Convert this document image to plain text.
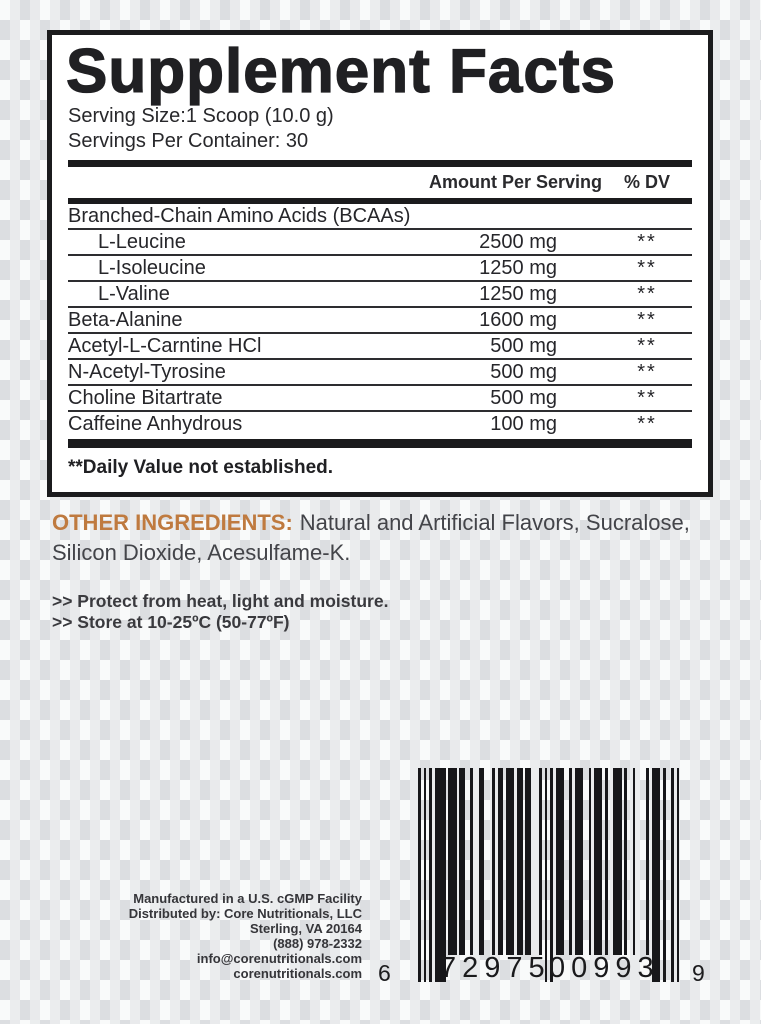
Supplement Facts
Serving Size:1 Scoop (10.0 g)
Servings Per Container: 30
Amount Per Serving	% DV
Branched-Chain Amino Acids (BCAAs)
L-Leucine	2500 mg	**
L-Isoleucine	1250 mg	**
L-Valine	1250 mg	**
Beta-Alanine	1600 mg	**
Acetyl-L-Carntine HCl	500 mg	**
N-Acetyl-Tyrosine	500 mg	**
Choline Bitartrate	500 mg	**
Caffeine Anhydrous	100 mg	**
**Daily Value not established.

OTHER INGREDIENTS: Natural and Artificial Flavors, Sucralose, Silicon Dioxide, Acesulfame-K.

>> Protect from heat, light and moisture.
>> Store at 10-25ºC (50-77ºF)
Manufactured in a U.S. cGMP Facility
Distributed by: Core Nutritionals, LLC
Sterling, VA 20164
(888) 978-2332
info@corenutritionals.com
corenutritionals.com 6 72975
00993 9
